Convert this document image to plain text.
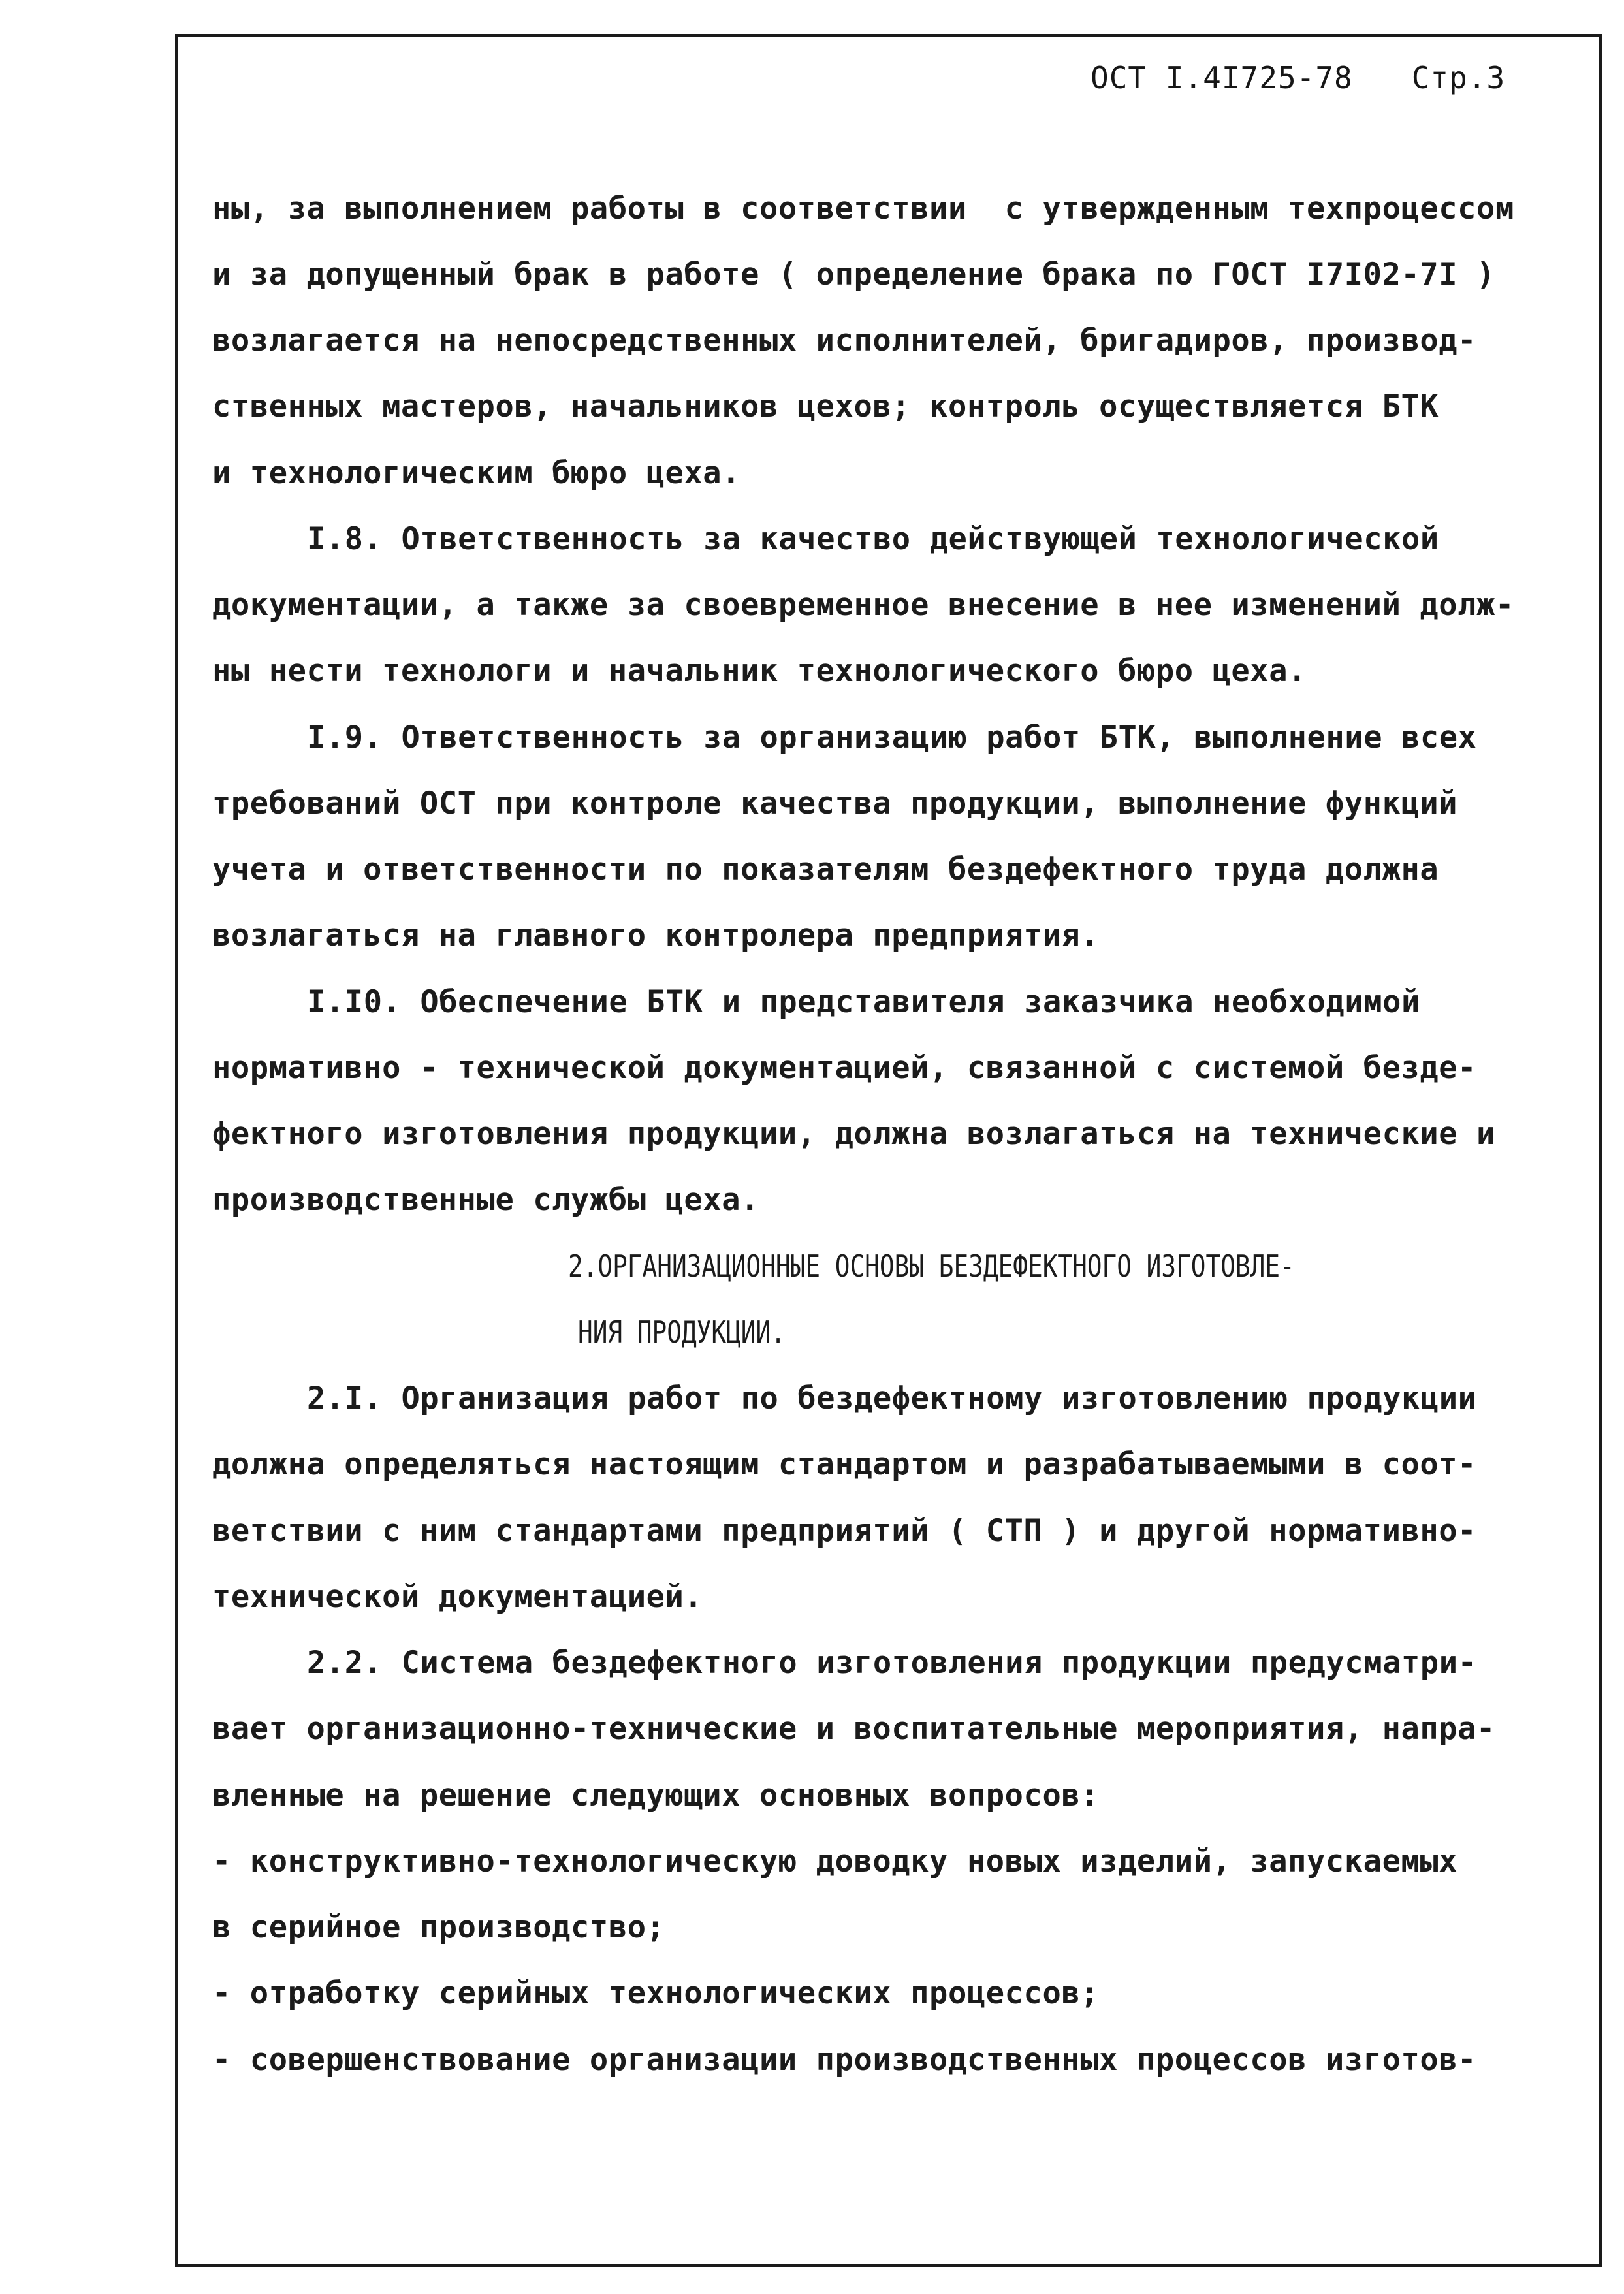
ОСТ I.4I725-78 Стр.3
ны, за выполнением работы в соответствии  с утвержденным техпроцессом
и за допущенный брак в работе ( определение брака по ГОСТ I7I02-7I )
возлагается на непосредственных исполнителей, бригадиров, производ-
ственных мастеров, начальников цехов; контроль осуществляется БТК
и технологическим бюро цеха.
I.8. Ответственность за качество действующей технологической
документации, а также за своевременное внесение в нее изменений долж-
ны нести технологи и начальник технологического бюро цеха.
I.9. Ответственность за организацию работ БТК, выполнение всех
требований ОСТ при контроле качества продукции, выполнение функций
учета и ответственности по показателям бездефектного труда должна
возлагаться на главного контролера предприятия.
I.I0. Обеспечение БТК и представителя заказчика необходимой
нормативно - технической документацией, связанной с системой безде-
фектного изготовления продукции, должна возлагаться на технические и
производственные службы цеха.
2.ОРГАНИЗАЦИОННЫЕ ОСНОВЫ БЕЗДЕФЕКТНОГО ИЗГОТОВЛЕ-
НИЯ ПРОДУКЦИИ.
2.I. Организация работ по бездефектному изготовлению продукции
должна определяться настоящим стандартом и разрабатываемыми в соот-
ветствии с ним стандартами предприятий ( СТП ) и другой нормативно-
технической документацией.
2.2. Система бездефектного изготовления продукции предусматри-
вает организационно-технические и воспитательные мероприятия, напра-
вленные на решение следующих основных вопросов:
- конструктивно-технологическую доводку новых изделий, запускаемых
в серийное производство;
- отработку серийных технологических процессов;
- совершенствование организации производственных процессов изготов-
